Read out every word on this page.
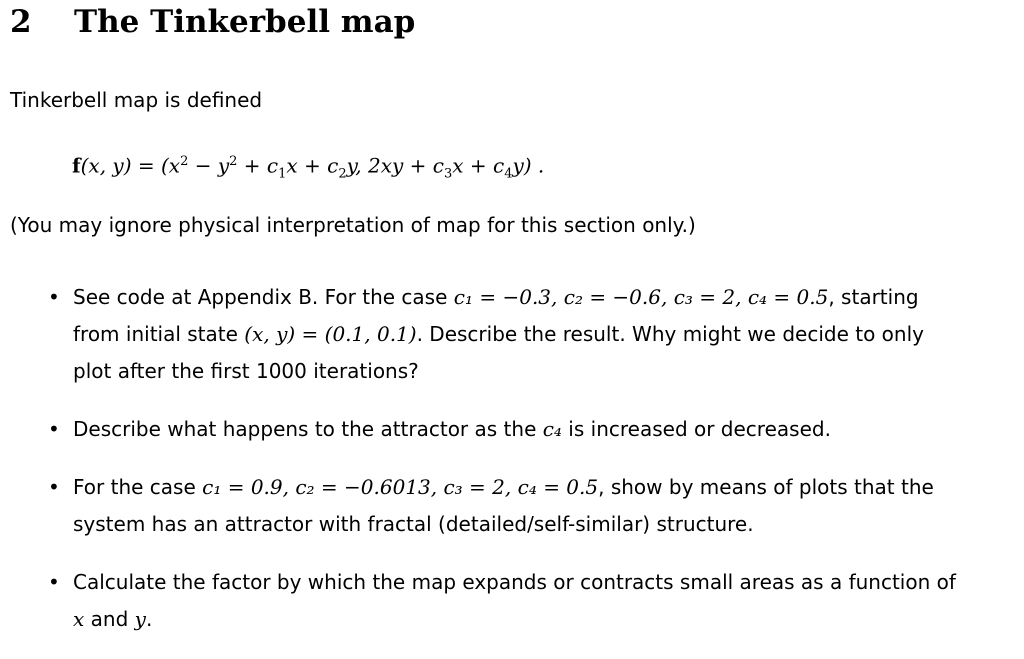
2 The Tinkerbell map
Tinkerbell map is defined
f(x, $y) = (x^2 - y^2 + c_1x + c_2y$, $2xy + c_3x + c_4y$) .
(You may ignore physical interpretation of map for this section only.)
• See code at Appendix B. For the case c₁ = −0.3, c₂ = −0.6, c₃ = 2, c₄ = 0.5, starting
from initial state (x, y) = (0.1, 0.1). Describe the result. Why might we decide to only
plot after the first 1000 iterations?
• Describe what happens to the attractor as the c₄ is increased or decreased.
• For the case c₁ = 0.9, c₂ = −0.6013, c₃ = 2, c₄ = 0.5, show by means of plots that the
system has an attractor with fractal (detailed/self-similar) structure.
• Calculate the factor by which the map expands or contracts small areas as a function of
x and y.
